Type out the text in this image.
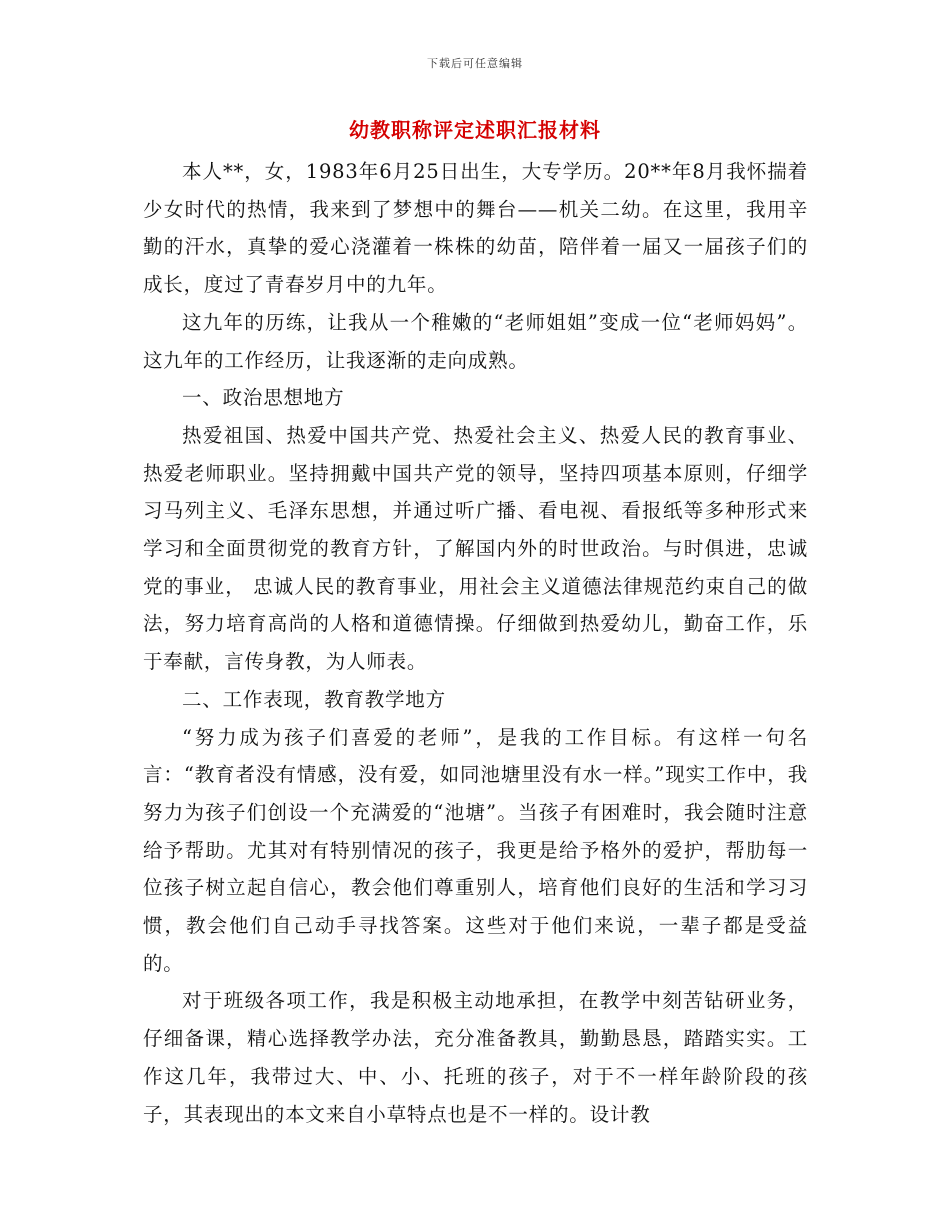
下载后可任意编辑
幼教职称评定述职汇报材料

本人**，女，1983年6月25日出生，大专学历。20**年8月我怀揣着少女时代的热情，我来到了梦想中的舞台——机关二幼。在这里，我用辛勤的汗水，真挚的爱心浇灌着一株株的幼苗，陪伴着一届又一届孩子们的成长，度过了青春岁月中的九年。

这九年的历练，让我从一个稚嫩的“老师姐姐”变成一位“老师妈妈”。这九年的工作经历，让我逐渐的走向成熟。

一、政治思想地方

热爱祖国、热爱中国共产党、热爱社会主义、热爱人民的教育事业、热爱老师职业。坚持拥戴中国共产党的领导，坚持四项基本原则，仔细学习马列主义、毛泽东思想，并通过听广播、看电视、看报纸等多种形式来学习和全面贯彻党的教育方针，了解国内外的时世政治。与时俱进，忠诚党的事业， 忠诚人民的教育事业，用社会主义道德法律规范约束自己的做法，努力培育高尚的人格和道德情操。仔细做到热爱幼儿，勤奋工作，乐于奉献，言传身教，为人师表。

二、工作表现，教育教学地方

“努力成为孩子们喜爱的老师”，是我的工作目标。有这样一句名言：“教育者没有情感，没有爱，如同池塘里没有水一样。”现实工作中，我努力为孩子们创设一个充满爱的“池塘”。当孩子有困难时，我会随时注意给予帮助。尤其对有特别情况的孩子，我更是给予格外的爱护，帮肋每一位孩子树立起自信心，教会他们尊重别人，培育他们良好的生活和学习习惯，教会他们自己动手寻找答案。这些对于他们来说，一辈子都是受益的。

对于班级各项工作，我是积极主动地承担，在教学中刻苦钻研业务，仔细备课，精心选择教学办法，充分准备教具，勤勤恳恳，踏踏实实。工作这几年，我带过大、中、小、托班的孩子，对于不一样年龄阶段的孩子，其表现出的本文来自小草特点也是不一样的。设计教
